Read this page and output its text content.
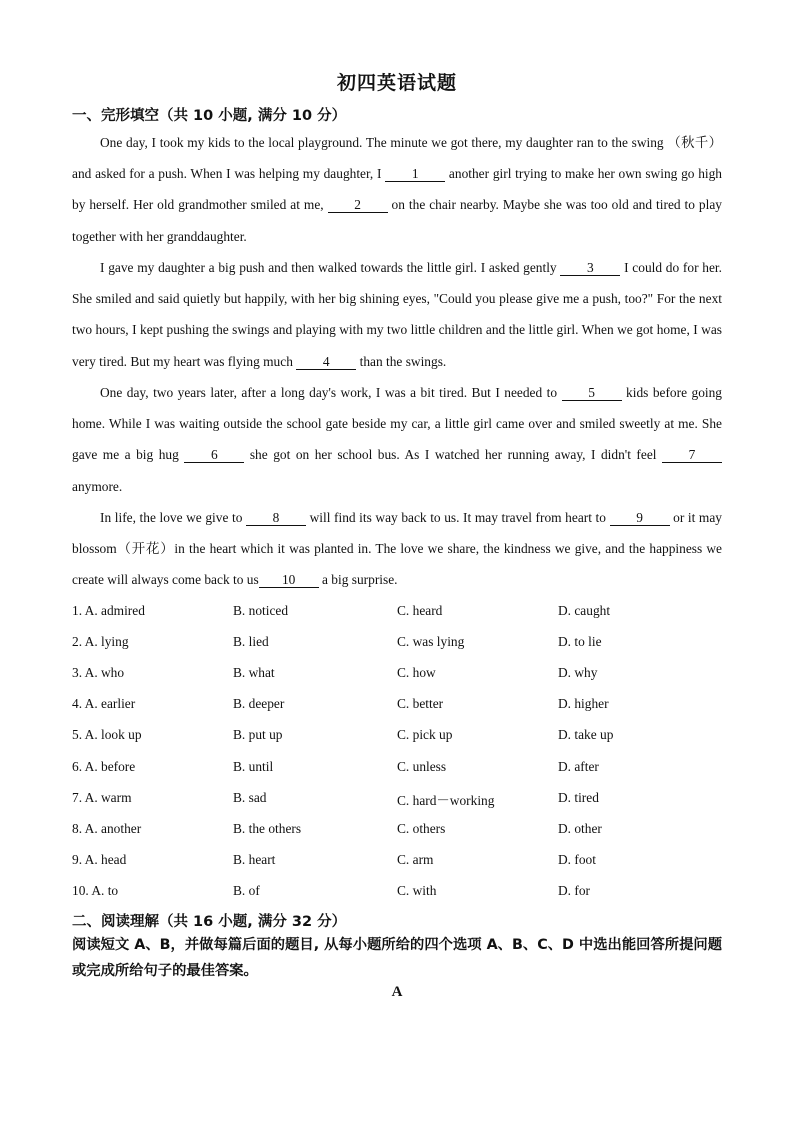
初四英语试题
一、完形填空（共 10 小题, 满分 10 分）

One day, I took my kids to the local playground. The minute we got there, my daughter ran to the swing （秋千） and asked for a push. When I was helping my daughter, I 1 another girl trying to make her own swing go high by herself. Her old grandmother smiled at me, 2 on the chair nearby. Maybe she was too old and tired to play together with her granddaughter.

I gave my daughter a big push and then walked towards the little girl. I asked gently 3 I could do for her. She smiled and said quietly but happily, with her big shining eyes, "Could you please give me a push, too?" For the next two hours, I kept pushing the swings and playing with my two little children and the little girl. When we got home, I was very tired. But my heart was flying much 4 than the swings.

One day, two years later, after a long day's work, I was a bit tired. But I needed to 5 kids before going home. While I was waiting outside the school gate beside my car, a little girl came over and smiled sweetly at me. She gave me a big hug 6 she got on her school bus. As I watched her running away, I didn't feel 7 anymore.

In life, the love we give to 8 will find its way back to us. It may travel from heart to 9 or it may blossom（开花）in the heart which it was planted in. The love we share, the kindness we give, and the happiness we create will always come back to us 10 a big surprise.

1. A. admired	B. noticed	C. heard	D. caught
2. A. lying	B. lied	C. was lying	D. to lie
3. A. who	B. what	C. how	D. why
4. A. earlier	B. deeper	C. better	D. higher
5. A. look up	B. put up	C. pick up	D. take up
6. A. before	B. until	C. unless	D. after
7. A. warm	B. sad	C. hard－working	D. tired
8. A. another	B. the others	C. others	D. other
9. A. head	B. heart	C. arm	D. foot
10. A. to	B. of	C. with	D. for
二、阅读理解（共 16 小题, 满分 32 分）

阅读短文 A、B，并做每篇后面的题目, 从每小题所给的四个选项 A、B、C、D 中选出能回答所提问题或完成所给句子的最佳答案。

A
